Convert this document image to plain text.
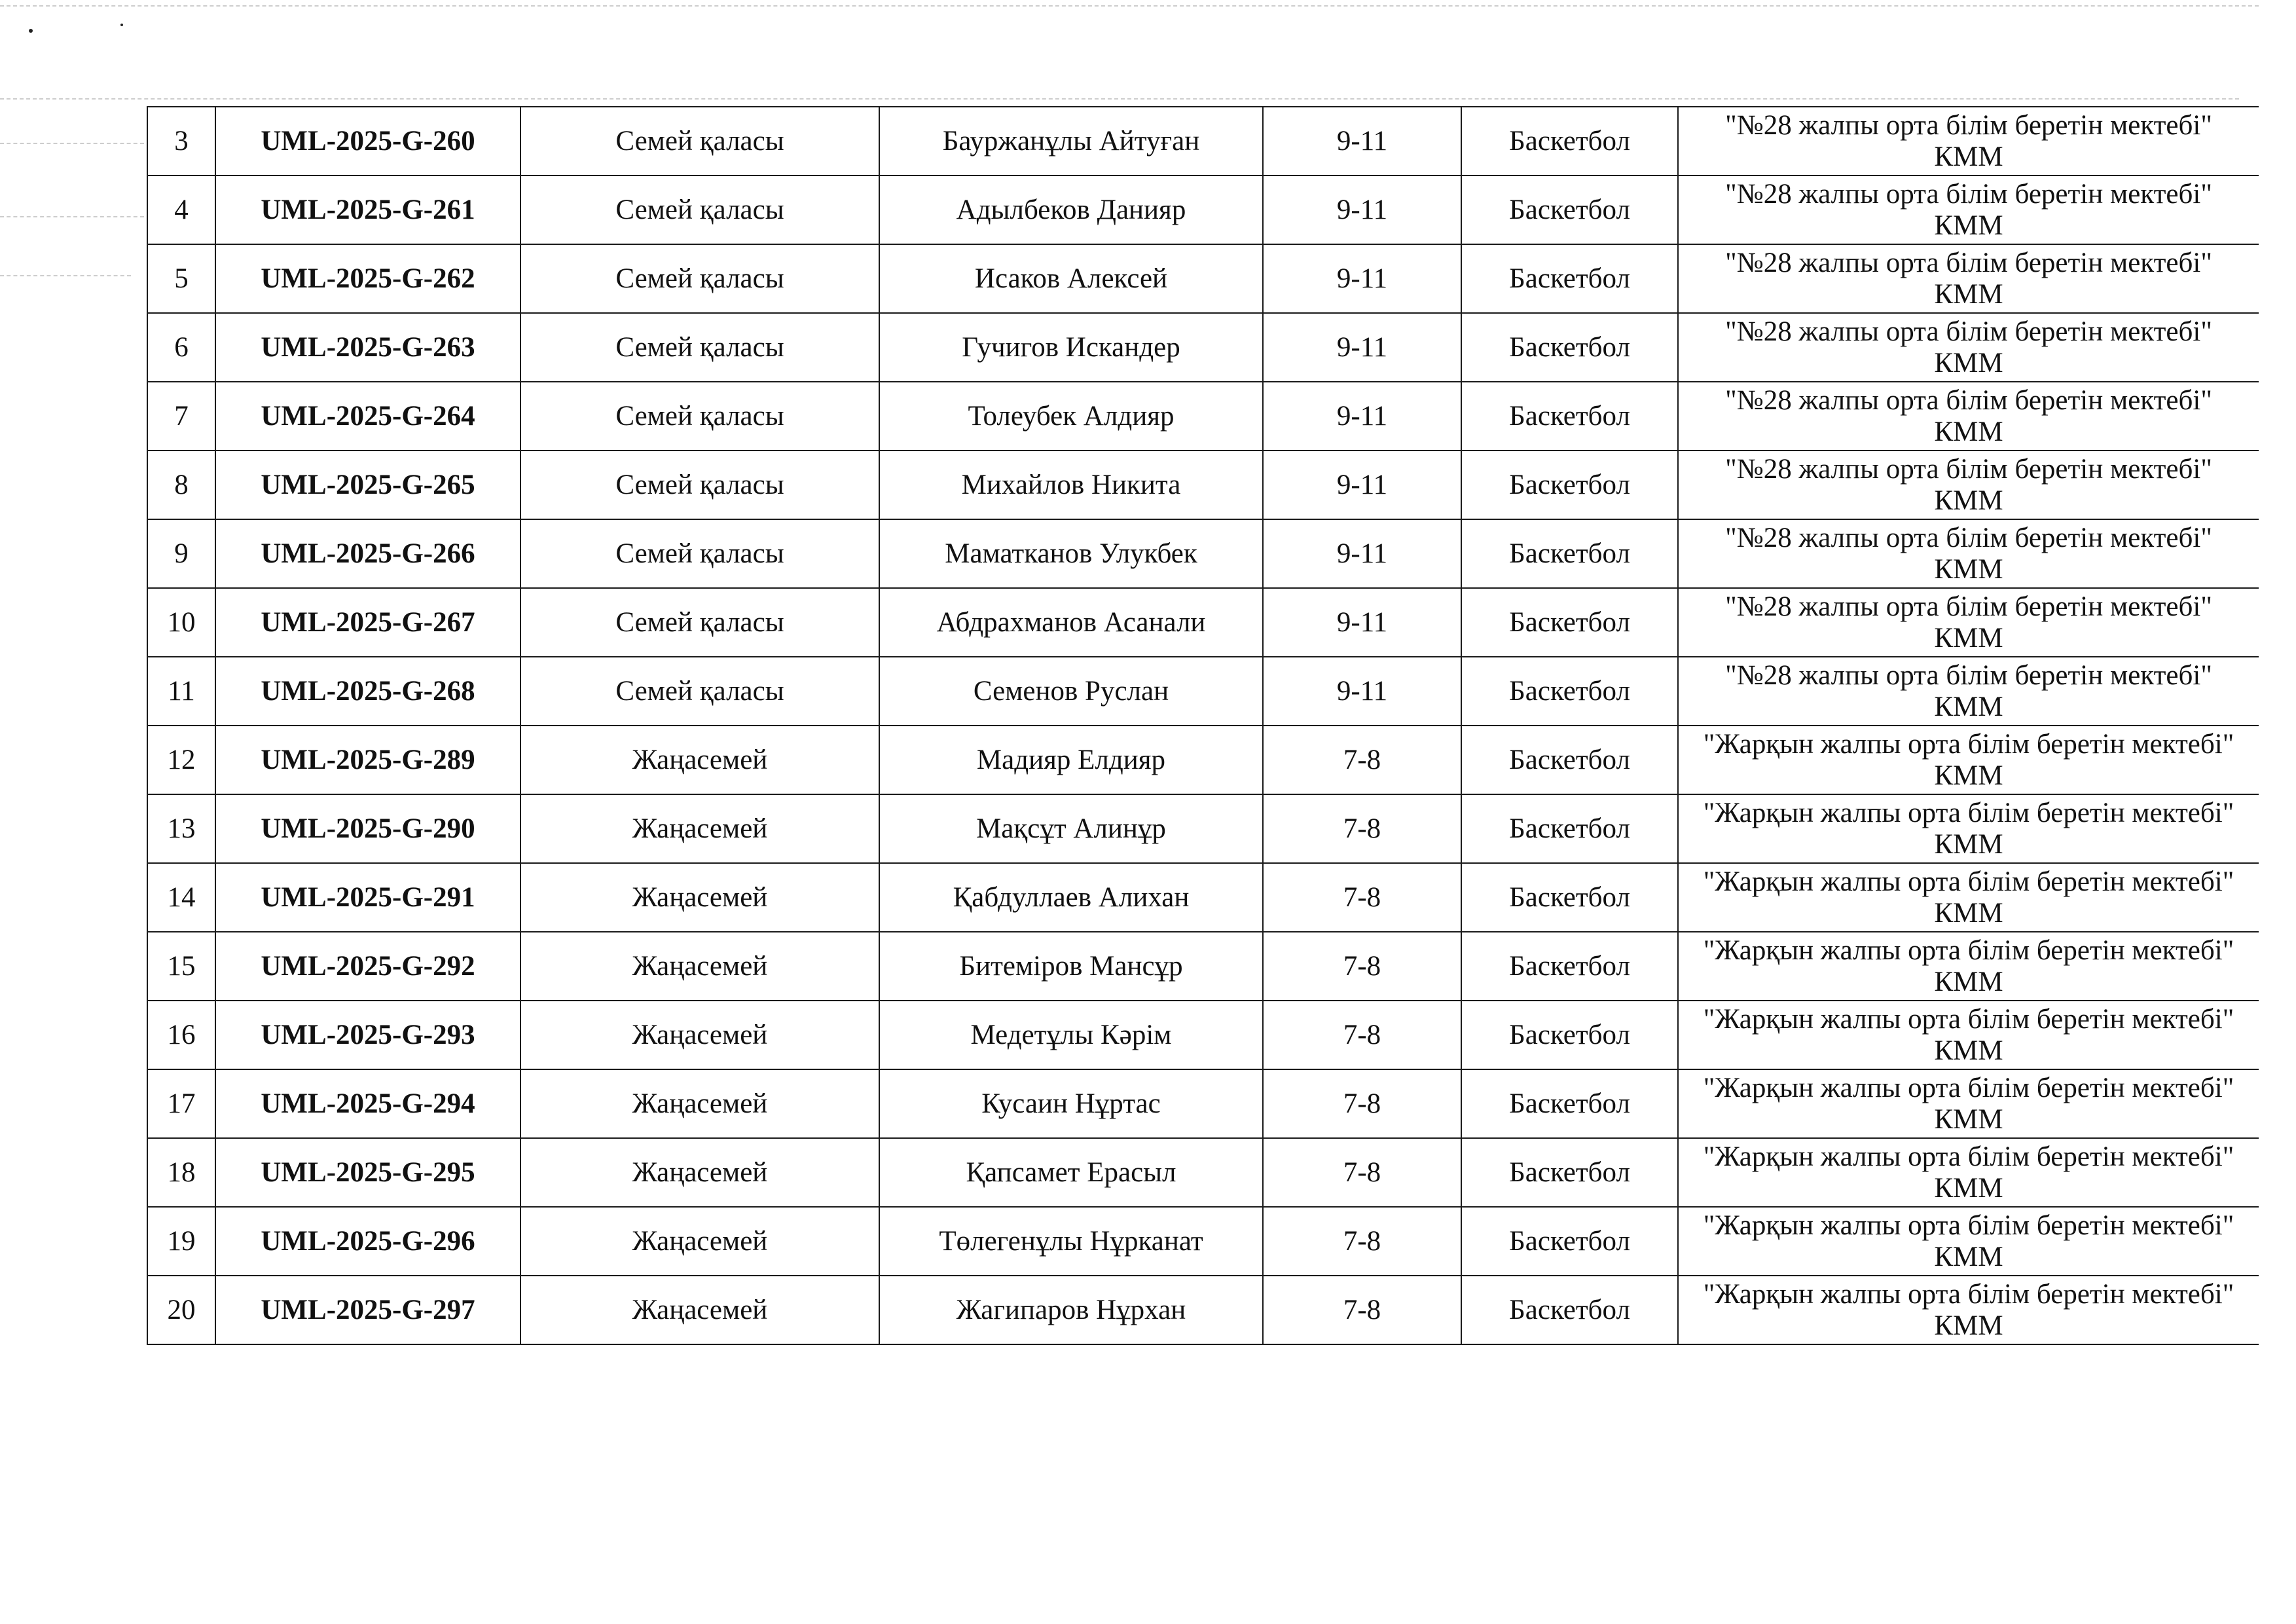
3	UML-2025-G-260	Семей қаласы	Бауржанұлы Айтуған	9-11	Баскетбол	"№28 жалпы орта білім беретін мектебі" КММ
4	UML-2025-G-261	Семей қаласы	Адылбеков Данияр	9-11	Баскетбол	"№28 жалпы орта білім беретін мектебі" КММ
5	UML-2025-G-262	Семей қаласы	Исаков Алексей	9-11	Баскетбол	"№28 жалпы орта білім беретін мектебі" КММ
6	UML-2025-G-263	Семей қаласы	Гучигов Искандер	9-11	Баскетбол	"№28 жалпы орта білім беретін мектебі" КММ
7	UML-2025-G-264	Семей қаласы	Толеубек Алдияр	9-11	Баскетбол	"№28 жалпы орта білім беретін мектебі" КММ
8	UML-2025-G-265	Семей қаласы	Михайлов Никита	9-11	Баскетбол	"№28 жалпы орта білім беретін мектебі" КММ
9	UML-2025-G-266	Семей қаласы	Маматканов Улукбек	9-11	Баскетбол	"№28 жалпы орта білім беретін мектебі" КММ
10	UML-2025-G-267	Семей қаласы	Абдрахманов Асанали	9-11	Баскетбол	"№28 жалпы орта білім беретін мектебі" КММ
11	UML-2025-G-268	Семей қаласы	Семенов Руслан	9-11	Баскетбол	"№28 жалпы орта білім беретін мектебі" КММ
12	UML-2025-G-289	Жаңасемей	Мадияр Елдияр	7-8	Баскетбол	"Жарқын жалпы орта білім беретін мектебі" КММ
13	UML-2025-G-290	Жаңасемей	Мақсұт Алинұр	7-8	Баскетбол	"Жарқын жалпы орта білім беретін мектебі" КММ
14	UML-2025-G-291	Жаңасемей	Қабдуллаев Алихан	7-8	Баскетбол	"Жарқын жалпы орта білім беретін мектебі" КММ
15	UML-2025-G-292	Жаңасемей	Битеміров Мансұр	7-8	Баскетбол	"Жарқын жалпы орта білім беретін мектебі" КММ
16	UML-2025-G-293	Жаңасемей	Медетұлы Кәрім	7-8	Баскетбол	"Жарқын жалпы орта білім беретін мектебі" КММ
17	UML-2025-G-294	Жаңасемей	Кусаин Нұртас	7-8	Баскетбол	"Жарқын жалпы орта білім беретін мектебі" КММ
18	UML-2025-G-295	Жаңасемей	Қапсамет Ерасыл	7-8	Баскетбол	"Жарқын жалпы орта білім беретін мектебі" КММ
19	UML-2025-G-296	Жаңасемей	Төлегенұлы Нұрканат	7-8	Баскетбол	"Жарқын жалпы орта білім беретін мектебі" КММ
20	UML-2025-G-297	Жаңасемей	Жагипаров Нұрхан	7-8	Баскетбол	"Жарқын жалпы орта білім беретін мектебі" КММ
